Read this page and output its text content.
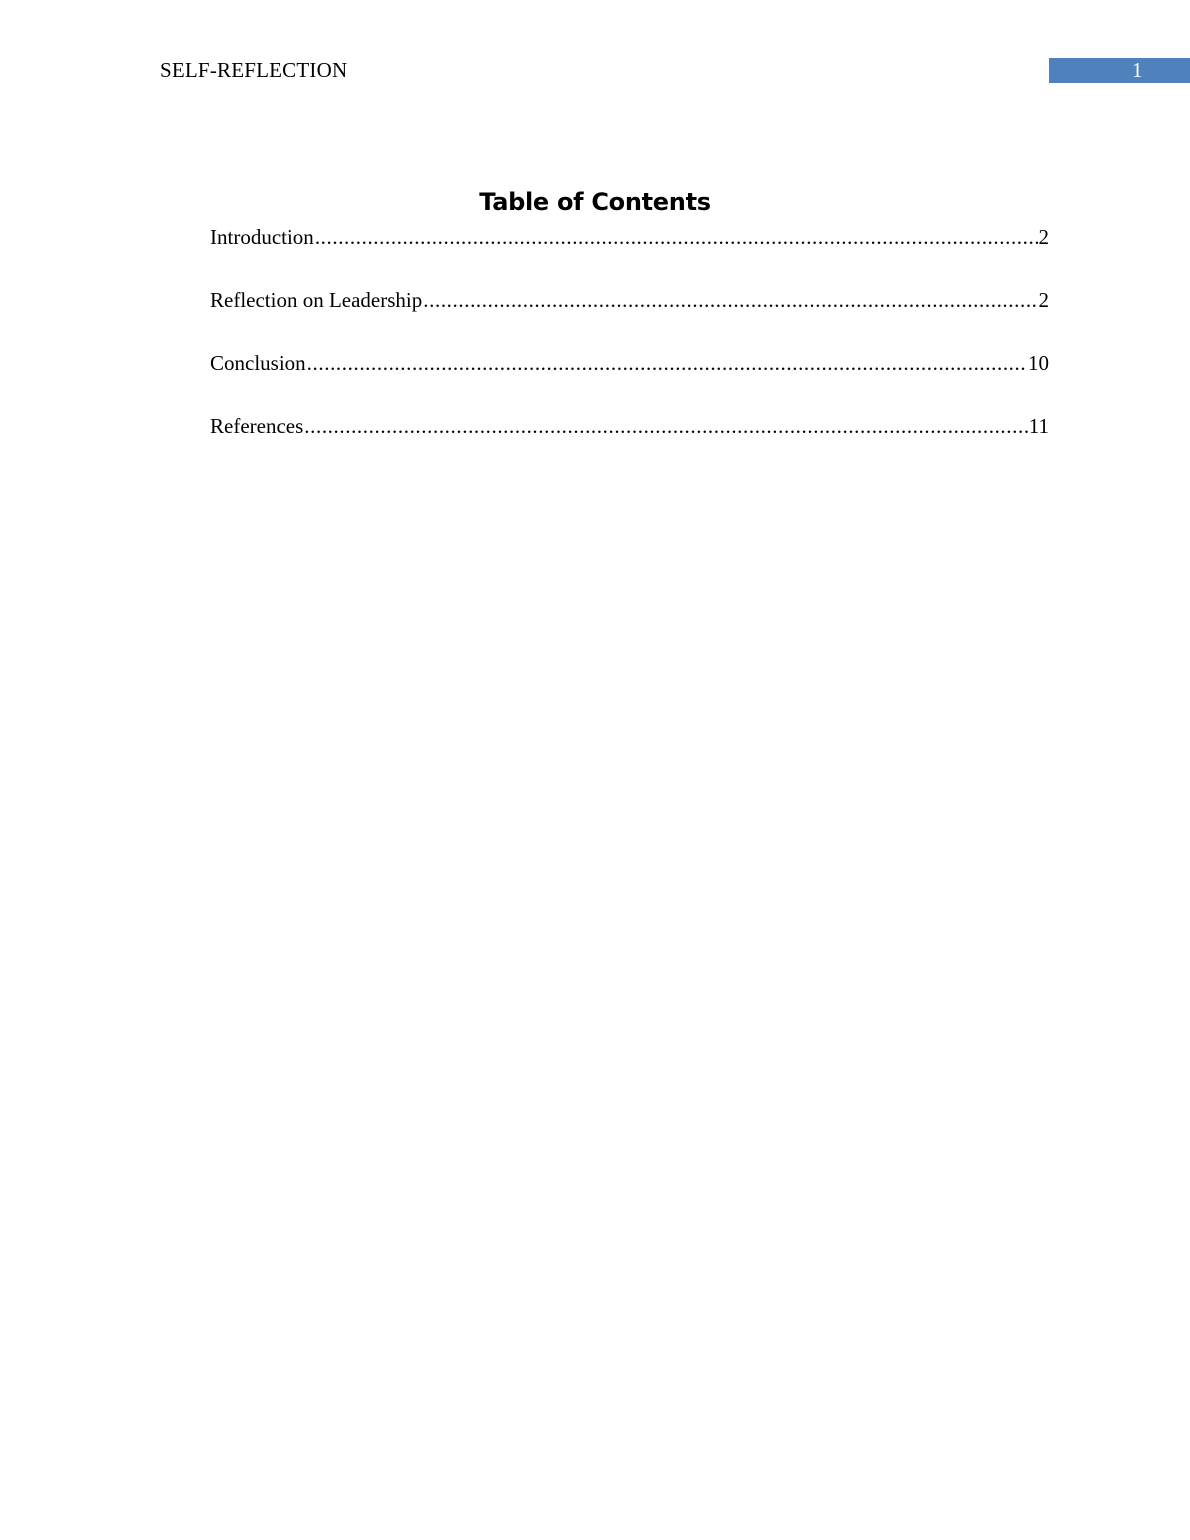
SELF-REFLECTION	1
Table of Contents
Introduction .....	2
Reflection on Leadership .....	2
Conclusion .....	10
References .....	11
